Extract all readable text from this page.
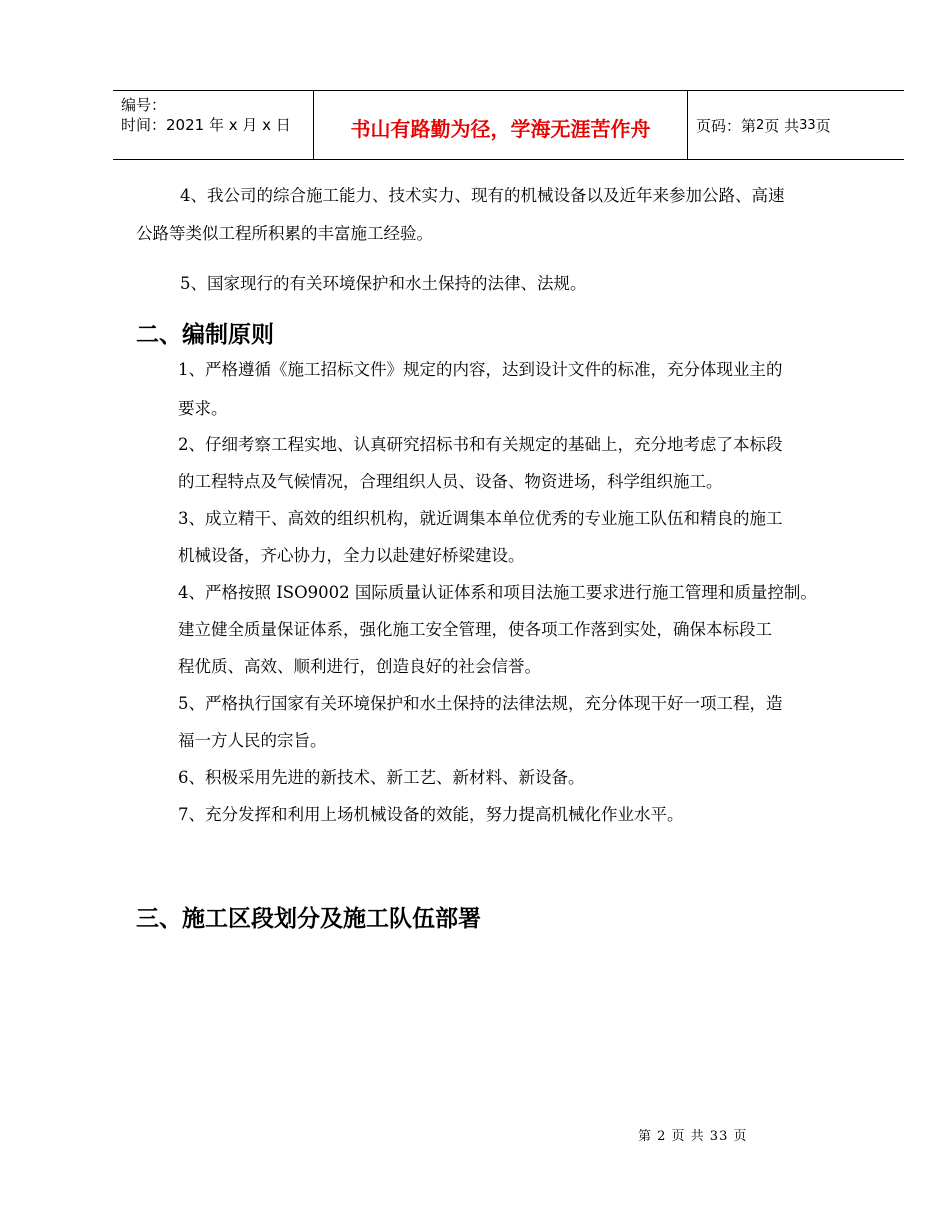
编号：
时间：2021 年 x 月 x 日	书山有路勤为径，学海无涯苦作舟	页码：第 2 页 共 33 页
4、我公司的综合施工能力、技术实力、现有的机械设备以及近年来参加公路、高速
公路等类似工程所积累的丰富施工经验。
5、国家现行的有关环境保护和水土保持的法律、法规。
二、编制原则
1、严格遵循《施工招标文件》规定的内容，达到设计文件的标准，充分体现业主的
要求。
2、仔细考察工程实地、认真研究招标书和有关规定的基础上，充分地考虑了本标段
的工程特点及气候情况，合理组织人员、设备、物资进场，科学组织施工。
3、成立精干、高效的组织机构，就近调集本单位优秀的专业施工队伍和精良的施工
机械设备，齐心协力，全力以赴建好桥梁建设。
4、严格按照 ISO9002 国际质量认证体系和项目法施工要求进行施工管理和质量控制。
建立健全质量保证体系，强化施工安全管理，使各项工作落到实处，确保本标段工
程优质、高效、顺利进行，创造良好的社会信誉。
5、严格执行国家有关环境保护和水土保持的法律法规，充分体现干好一项工程，造
福一方人民的宗旨。
6、积极采用先进的新技术、新工艺、新材料、新设备。
7、充分发挥和利用上场机械设备的效能，努力提高机械化作业水平。
三、施工区段划分及施工队伍部署
第 2 页 共 33 页
